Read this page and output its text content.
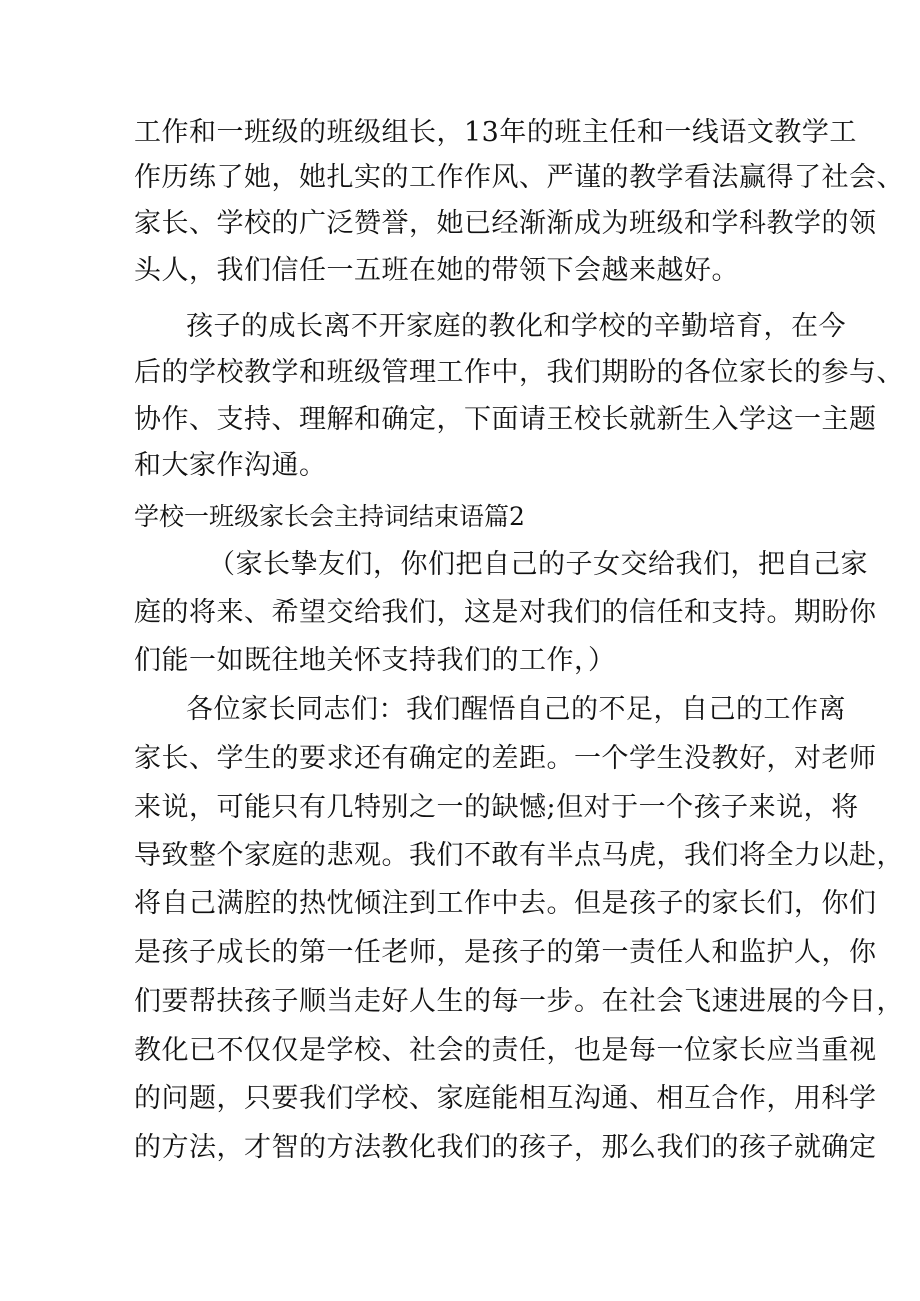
工作和一班级的班级组长，13年的班主任和一线语文教学工
作历练了她，她扎实的工作作风、严谨的教学看法赢得了社会、
家长、学校的广泛赞誉，她已经渐渐成为班级和学科教学的领
头人，我们信任一五班在她的带领下会越来越好。
孩子的成长离不开家庭的教化和学校的辛勤培育，在今
后的学校教学和班级管理工作中，我们期盼的各位家长的参与、
协作、支持、理解和确定，下面请王校长就新生入学这一主题
和大家作沟通。
学校一班级家长会主持词结束语篇2
（家长挚友们，你们把自己的子女交给我们，把自己家
庭的将来、希望交给我们，这是对我们的信任和支持。期盼你
们能一如既往地关怀支持我们的工作，）
各位家长同志们：我们醒悟自己的不足，自己的工作离
家长、学生的要求还有确定的差距。一个学生没教好，对老师
来说，可能只有几特别之一的缺憾;但对于一个孩子来说，将
导致整个家庭的悲观。我们不敢有半点马虎，我们将全力以赴，
将自己满腔的热忱倾注到工作中去。但是孩子的家长们，你们
是孩子成长的第一任老师，是孩子的第一责任人和监护人，你
们要帮扶孩子顺当走好人生的每一步。在社会飞速进展的今日，
教化已不仅仅是学校、社会的责任，也是每一位家长应当重视
的问题，只要我们学校、家庭能相互沟通、相互合作，用科学
的方法，才智的方法教化我们的孩子，那么我们的孩子就确定
